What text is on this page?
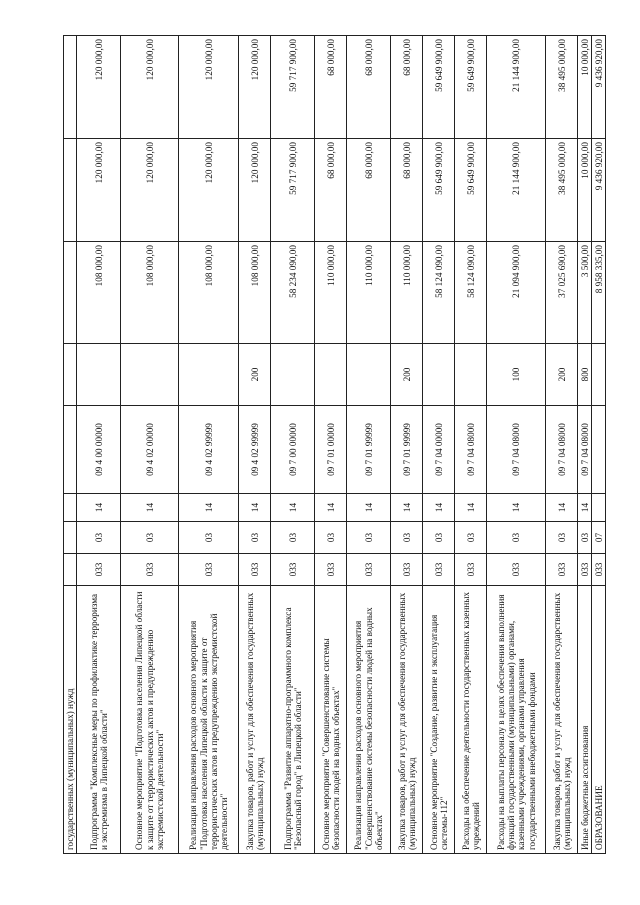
государственных (муниципальных) нужд								
Подпрограмма "Комплексные меры по профилактике терроризма и экстремизма в Липецкой области"	033	03	14	09 4 00 00000		108 000,00	120 000,00	120 000,00
Основное мероприятие "Подготовка населения Липецкой области к защите от террористических актов и предупреждению экстремистской деятельности"	033	03	14	09 4 02 00000		108 000,00	120 000,00	120 000,00
Реализация направления расходов основного мероприятия "Подготовка населения Липецкой области к защите от террористических актов и предупреждению экстремистской деятельности"	033	03	14	09 4 02 99999		108 000,00	120 000,00	120 000,00
Закупка товаров, работ и услуг для обеспечения государственных (муниципальных) нужд	033	03	14	09 4 02 99999	200	108 000,00	120 000,00	120 000,00
Подпрограмма "Развитие аппаратно-программного комплекса "Безопасный город" в Липецкой области"	033	03	14	09 7 00 00000		58 234 090,00	59 717 900,00	59 717 900,00
Основное мероприятие "Совершенствование системы безопасности людей на водных объектах"	033	03	14	09 7 01 00000		110 000,00	68 000,00	68 000,00
Реализация направления расходов основного мероприятия "Совершенствование системы безопасности людей на водных объектах"	033	03	14	09 7 01 99999		110 000,00	68 000,00	68 000,00
Закупка товаров, работ и услуг для обеспечения государственных (муниципальных) нужд	033	03	14	09 7 01 99999	200	110 000,00	68 000,00	68 000,00
Основное мероприятие "Создание, развитие и эксплуатация системы-112"	033	03	14	09 7 04 00000		58 124 090,00	59 649 900,00	59 649 900,00
Расходы на обеспечение деятельности государственных казенных учреждений	033	03	14	09 7 04 08000		58 124 090,00	59 649 900,00	59 649 900,00
Расходы на выплаты персоналу в целях обеспечения выполнения функций государственными (муниципальными) органами, казенными учреждениями, органами управления государственными внебюджетными фондами	033	03	14	09 7 04 08000	100	21 094 900,00	21 144 900,00	21 144 900,00
Закупка товаров, работ и услуг для обеспечения государственных (муниципальных) нужд	033	03	14	09 7 04 08000	200	37 025 690,00	38 495 000,00	38 495 000,00
Иные бюджетные ассигнования	033	03	14	09 7 04 08000	800	3 500,00	10 000,00	10 000,00
ОБРАЗОВАНИЕ	033	07				8 958 335,00	9 436 920,00	9 436 920,00
